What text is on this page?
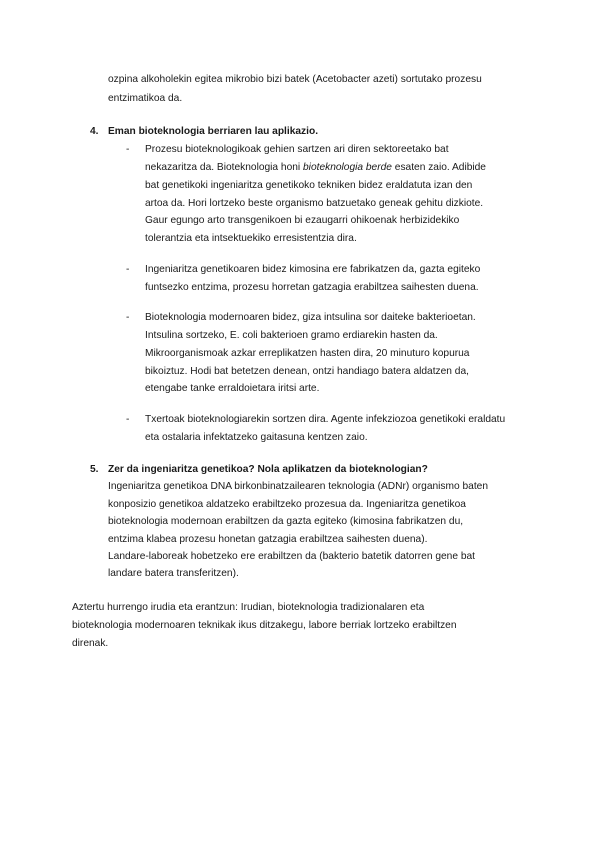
ozpina alkoholekin egitea mikrobio bizi batek (Acetobacter azeti) sortutako prozesu
entzimatikoa da.
4. Eman bioteknologia berriaren lau aplikazio.
- Prozesu bioteknologikoak gehien sartzen ari diren sektoreetako bat
nekazaritza da. Bioteknologia honi bioteknologia berde esaten zaio. Adibide
bat genetikoki ingeniaritza genetikoko tekniken bidez eraldatuta izan den
artoa da. Hori lortzeko beste organismo batzuetako geneak gehitu dizkiote.
Gaur egungo arto transgenikoen bi ezaugarri ohikoenak herbizidekiko
tolerantzia eta intsektuekiko erresistentzia dira.
- Ingeniaritza genetikoaren bidez kimosina ere fabrikatzen da, gazta egiteko
funtsezko entzima, prozesu horretan gatzagia erabiltzea saihesten duena.
- Bioteknologia modernoaren bidez, giza intsulina sor daiteke bakterioetan.
Intsulina sortzeko, E. coli bakterioen gramo erdiarekin hasten da.
Mikroorganismoak azkar erreplikatzen hasten dira, 20 minuturo kopurua
bikoiztuz. Hodi bat betetzen denean, ontzi handiago batera aldatzen da,
etengabe tanke erraldoietara iritsi arte.
- Txertoak bioteknologiarekin sortzen dira. Agente infekziozoa genetikoki eraldatu
eta ostalaria infektatzeko gaitasuna kentzen zaio.
5. Zer da ingeniaritza genetikoa? Nola aplikatzen da bioteknologian?
Ingeniaritza genetikoa DNA birkonbinatzailearen teknologia (ADNr) organismo baten
konposizio genetikoa aldatzeko erabiltzeko prozesua da. Ingeniaritza genetikoa
bioteknologia modernoan erabiltzen da gazta egiteko (kimosina fabrikatzen du,
entzima klabea prozesu honetan gatzagia erabiltzea saihesten duena).
Landare-laboreak hobetzeko ere erabiltzen da (bakterio batetik datorren gene bat
landare batera transferitzen).
Aztertu hurrengo irudia eta erantzun: Irudian, bioteknologia tradizionalaren eta
bioteknologia modernoaren teknikak ikus ditzakegu, labore berriak lortzeko erabiltzen
direnak.
